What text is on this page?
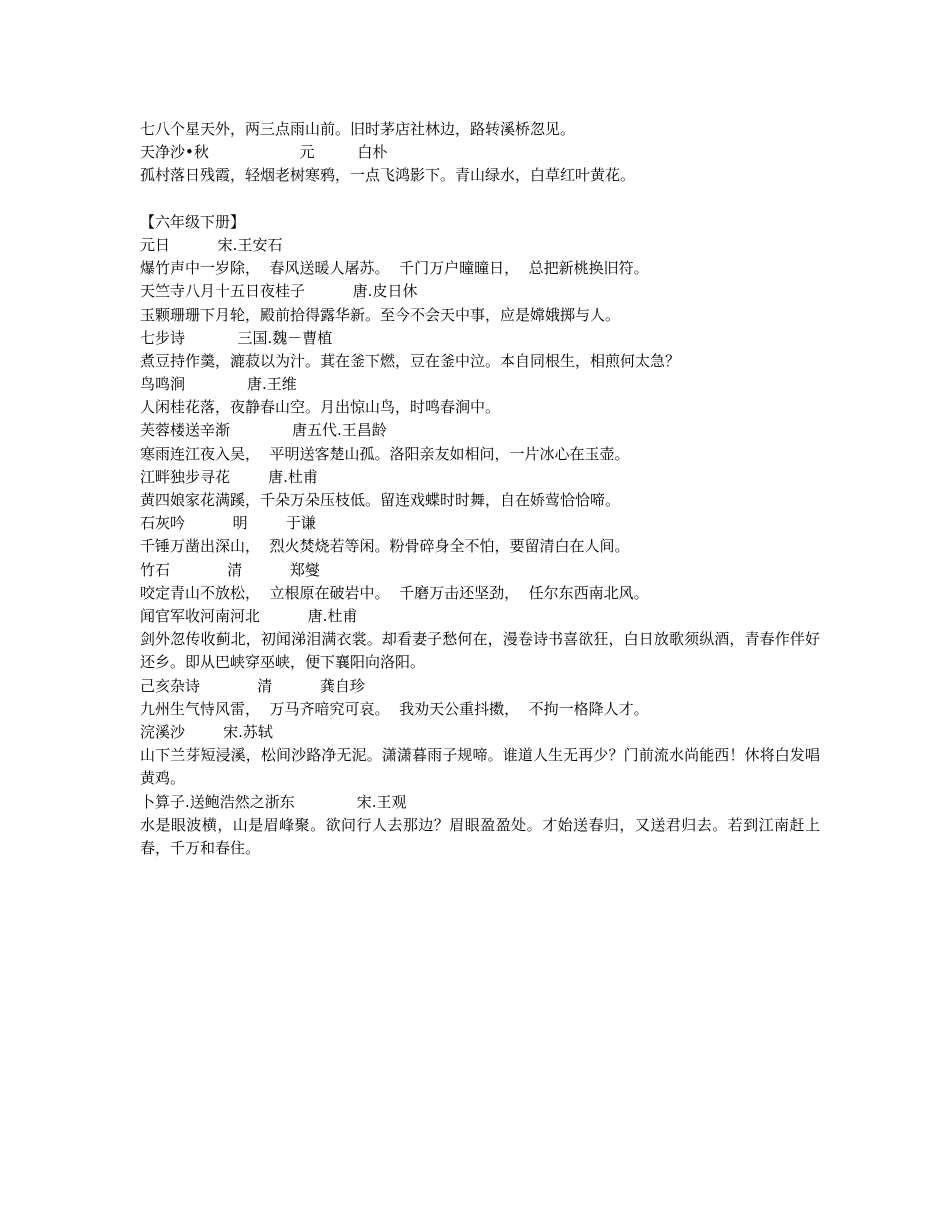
七八个星天外，两三点雨山前。旧时茅店社林边，路转溪桥忽见。
天净沙•秋                   元         白朴
孤村落日残霞，轻烟老树寒鸦，一点飞鸿影下。青山绿水，白草红叶黄花。
【六年级下册】
元日          宋.王安石
爆竹声中一岁除，  春风送暖人屠苏。  千门万户曈曈日，  总把新桃换旧符。
天竺寺八月十五日夜桂子          唐.皮日休
玉颗珊珊下月轮，殿前拾得露华新。至今不会天中事，应是嫦娥掷与人。
七步诗           三国.魏－曹植
煮豆持作羹，漉菽以为汁。萁在釜下燃，豆在釜中泣。本自同根生，相煎何太急？
鸟鸣涧             唐.王维
人闲桂花落，夜静春山空。月出惊山鸟，时鸣春涧中。
芙蓉楼送辛渐             唐五代.王昌龄
寒雨连江夜入吴，  平明送客楚山孤。洛阳亲友如相问，一片冰心在玉壶。
江畔独步寻花        唐.杜甫
黄四娘家花满蹊，千朵万朵压枝低。留连戏蝶时时舞，自在娇莺恰恰啼。
石灰吟          明        于谦
千锤万凿出深山，  烈火焚烧若等闲。粉骨碎身全不怕，要留清白在人间。
竹石            清          郑燮
咬定青山不放松，  立根原在破岩中。  千磨万击还坚劲，  任尔东西南北风。
闻官军收河南河北          唐.杜甫
剑外忽传收蓟北，初闻涕泪满衣裳。却看妻子愁何在，漫卷诗书喜欲狂，白日放歌须纵酒，青春作伴好还乡。即从巴峡穿巫峡，便下襄阳向洛阳。
己亥杂诗            清          龚自珍
九州生气恃风雷，  万马齐喑究可哀。  我劝天公重抖擞，  不拘一格降人才。
浣溪沙        宋.苏轼
山下兰芽短浸溪，松间沙路净无泥。潇潇暮雨子规啼。谁道人生无再少？门前流水尚能西！休将白发唱黄鸡。
卜算子.送鲍浩然之浙东             宋.王观
水是眼波横，山是眉峰聚。欲问行人去那边？眉眼盈盈处。才始送春归，又送君归去。若到江南赶上春，千万和春住。
